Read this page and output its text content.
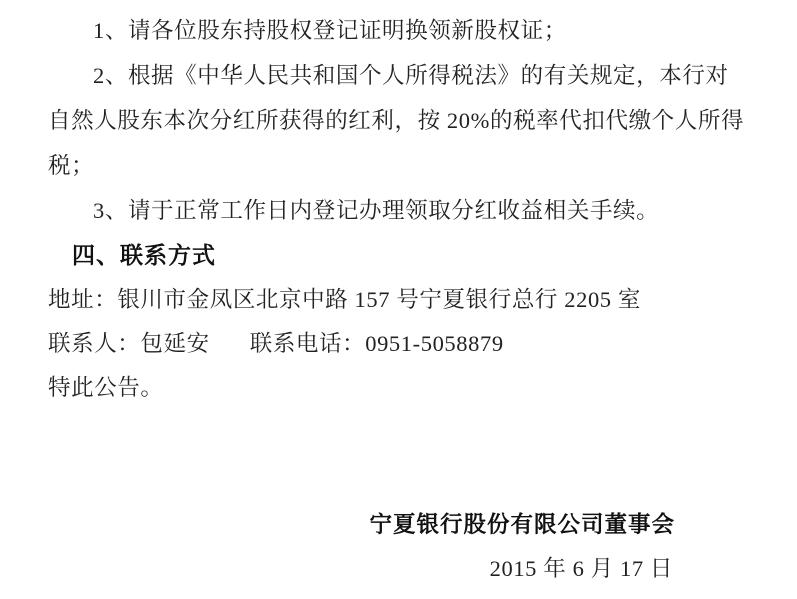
1、请各位股东持股权登记证明换领新股权证；

2、根据《中华人民共和国个人所得税法》的有关规定，本行对自然人股东本次分红所获得的红利，按 20%的税率代扣代缴个人所得税；

3、请于正常工作日内登记办理领取分红收益相关手续。

四、联系方式

地址：银川市金凤区北京中路 157 号宁夏银行总行 2205 室

联系人：包延安 联系电话：0951-5058879

特此公告。

宁夏银行股份有限公司董事会

2015 年 6 月 17 日
